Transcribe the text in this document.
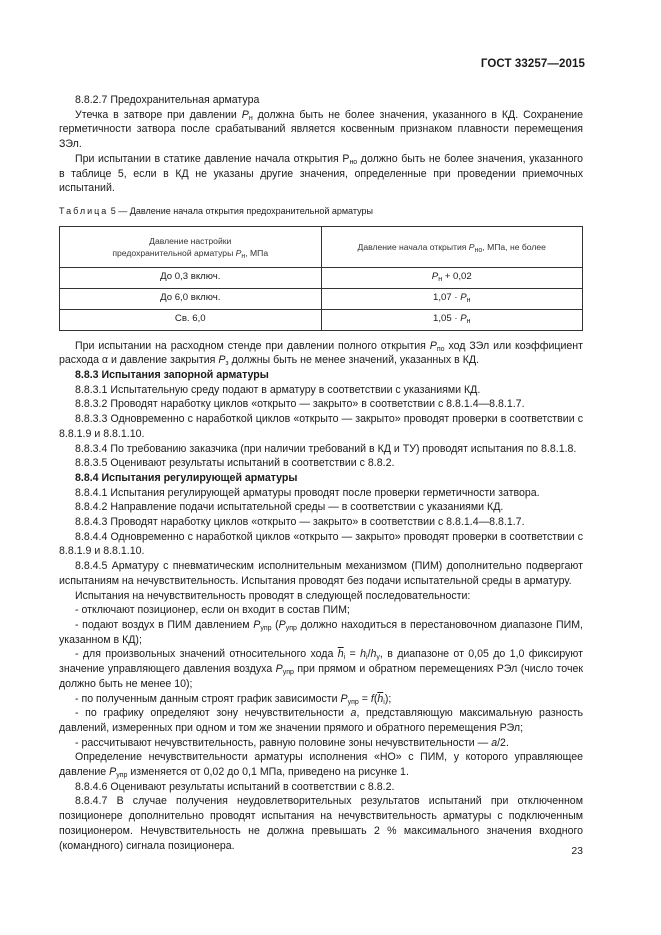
ГОСТ 33257—2015

8.8.2.7 Предохранительная арматура

Утечка в затворе при давлении $Р_н$ должна быть не более значения, указанного в КД. Сохранение герметичности затвора после срабатываний является косвенным признаком плавности перемещения ЗЭл.

При испытании в статике давление начала открытия $Р_{но}$ должно быть не более значения, указанного в таблице 5, если в КД не указаны другие значения, определенные при проведении приемочных испытаний.

Таблица 5 — Давление начала открытия предохранительной арматуры
Давление настройки
предохранительной арматуры $Р_н$, МПа	Давление начала открытия $Р_{но}$, МПа, не более
До 0,3 включ.	$Р_н + 0,02$
До 6,0 включ.	$1,07 \cdot Р_н$
Св. 6,0	$1,05 \cdot Р_н$

При испытании на расходном стенде при давлении полного открытия $Р_{по}$ ход ЗЭл или коэффициент расхода α и давление закрытия $Р_з$ должны быть не менее значений, указанных в КД.

8.8.3 Испытания запорной арматуры

8.8.3.1 Испытательную среду подают в арматуру в соответствии с указаниями КД.

8.8.3.2 Проводят наработку циклов «открыто — закрыто» в соответствии с 8.8.1.4—8.8.1.7.

8.8.3.3 Одновременно с наработкой циклов «открыто — закрыто» проводят проверки в соответствии с 8.8.1.9 и 8.8.1.10.

8.8.3.4 По требованию заказчика (при наличии требований в КД и ТУ) проводят испытания по 8.8.1.8.

8.8.3.5 Оценивают результаты испытаний в соответствии с 8.8.2.

8.8.4 Испытания регулирующей арматуры

8.8.4.1 Испытания регулирующей арматуры проводят после проверки герметичности затвора.

8.8.4.2 Направление подачи испытательной среды — в соответствии с указаниями КД.

8.8.4.3 Проводят наработку циклов «открыто — закрыто» в соответствии с 8.8.1.4—8.8.1.7.

8.8.4.4 Одновременно с наработкой циклов «открыто — закрыто» проводят проверки в соответствии с 8.8.1.9 и 8.8.1.10.

8.8.4.5 Арматуру с пневматическим исполнительным механизмом (ПИМ) дополнительно подвергают испытаниям на нечувствительность. Испытания проводят без подачи испытательной среды в арматуру.

Испытания на нечувствительность проводят в следующей последовательности:

- отключают позиционер, если он входит в состав ПИМ;

- подают воздух в ПИМ давлением $Р_{упр}$ ($Р_{упр}$ должно находиться в перестановочном диапазоне ПИМ, указанном в КД);

- для произвольных значений относительного хода $\overline{h}_i = h_i/h_у$, в диапазоне от 0,05 до 1,0 фиксируют значение управляющего давления воздуха $Р_{упр}$ при прямом и обратном перемещениях РЭл (число точек должно быть не менее 10);

- по полученным данным строят график зависимости $Р_{упр} = f(\overline{h}_i)$;

- по графику определяют зону нечувствительности а, представляющую максимальную разность давлений, измеренных при одном и том же значении прямого и обратного перемещения РЭл;

- рассчитывают нечувствительность, равную половине зоны нечувствительности — а/2.

Определение нечувствительности арматуры исполнения «НО» с ПИМ, у которого управляющее давление $Р_{упр}$ изменяется от 0,02 до 0,1 МПа, приведено на рисунке 1.

8.8.4.6 Оценивают результаты испытаний в соответствии с 8.8.2.

8.8.4.7 В случае получения неудовлетворительных результатов испытаний при отключенном позиционере дополнительно проводят испытания на нечувствительность арматуры с подключенным позиционером. Нечувствительность не должна превышать 2 % максимального значения входного (командного) сигнала позиционера.	23
